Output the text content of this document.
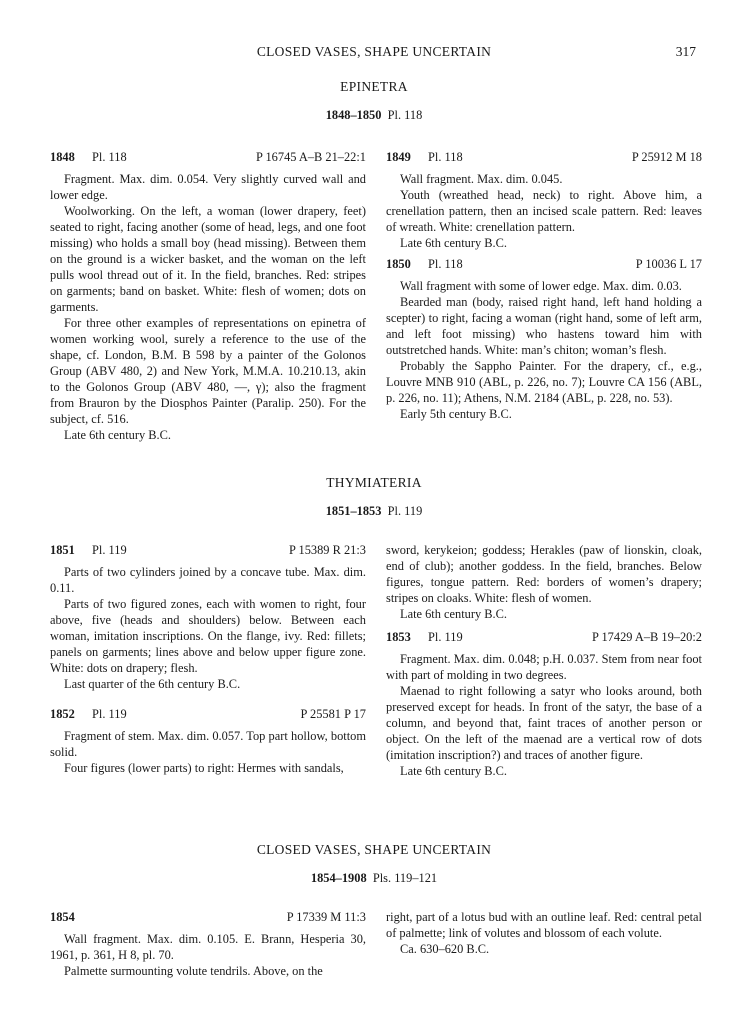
CLOSED VASES, SHAPE UNCERTAIN	317
EPINETRA
1848–1850 Pl. 118
1848	Pl. 118	P 16745 A–B 21–22:1

Fragment. Max. dim. 0.054. Very slightly curved wall and lower edge.

Woolworking. On the left, a woman (lower drapery, feet) seated to right, facing another (some of head, legs, and one foot missing) who holds a small boy (head missing). Between them on the ground is a wicker basket, and the woman on the left pulls wool thread out of it. In the field, branches. Red: stripes on garments; band on basket. White: flesh of women; dots on garments.

For three other examples of representations on epinetra of women working wool, surely a reference to the use of the shape, cf. London, B.M. B 598 by a painter of the Golonos Group (ABV 480, 2) and New York, M.M.A. 10.210.13, akin to the Golonos Group (ABV 480, —, γ); also the fragment from Brauron by the Diosphos Painter (Paralip. 250). For the subject, cf. 516.

Late 6th century B.C.

1849	Pl. 118	P 25912 M 18

Wall fragment. Max. dim. 0.045.

Youth (wreathed head, neck) to right. Above him, a crenellation pattern, then an incised scale pattern. Red: leaves of wreath. White: crenellation pattern.

Late 6th century B.C.

1850	Pl. 118	P 10036 L 17

Wall fragment with some of lower edge. Max. dim. 0.03.

Bearded man (body, raised right hand, left hand holding a scepter) to right, facing a woman (right hand, some of left arm, and left foot missing) who hastens toward him with outstretched hands. White: man’s chiton; woman’s flesh.

Probably the Sappho Painter. For the drapery, cf., e.g., Louvre MNB 910 (ABL, p. 226, no. 7); Louvre CA 156 (ABL, p. 226, no. 11); Athens, N.M. 2184 (ABL, p. 228, no. 53).

Early 5th century B.C.

THYMIATERIA
1851–1853 Pl. 119
1851	Pl. 119	P 15389 R 21:3

Parts of two cylinders joined by a concave tube. Max. dim. 0.11.

Parts of two figured zones, each with women to right, four above, five (heads and shoulders) below. Between each woman, imitation inscriptions. On the flange, ivy. Red: fillets; panels on garments; lines above and below upper figure zone. White: dots on drapery; flesh.

Last quarter of the 6th century B.C.

1852	Pl. 119	P 25581 P 17

Fragment of stem. Max. dim. 0.057. Top part hollow, bottom solid.

Four figures (lower parts) to right: Hermes with sandals,

sword, kerykeion; goddess; Herakles (paw of lionskin, cloak, end of club); another goddess. In the field, branches. Below figures, tongue pattern. Red: borders of women’s drapery; stripes on cloaks. White: flesh of women.

Late 6th century B.C.

1853	Pl. 119	P 17429 A–B 19–20:2

Fragment. Max. dim. 0.048; p.H. 0.037. Stem from near foot with part of molding in two degrees.

Maenad to right following a satyr who looks around, both preserved except for heads. In front of the satyr, the base of a column, and beyond that, faint traces of another person or object. On the left of the maenad are a vertical row of dots (imitation inscription?) and traces of another figure.

Late 6th century B.C.

CLOSED VASES, SHAPE UNCERTAIN
1854–1908 Pls. 119–121
1854	P 17339 M 11:3

Wall fragment. Max. dim. 0.105. E. Brann, Hesperia 30, 1961, p. 361, H 8, pl. 70.

Palmette surmounting volute tendrils. Above, on the

right, part of a lotus bud with an outline leaf. Red: central petal of palmette; link of volutes and blossom of each volute.

Ca. 630–620 B.C.
